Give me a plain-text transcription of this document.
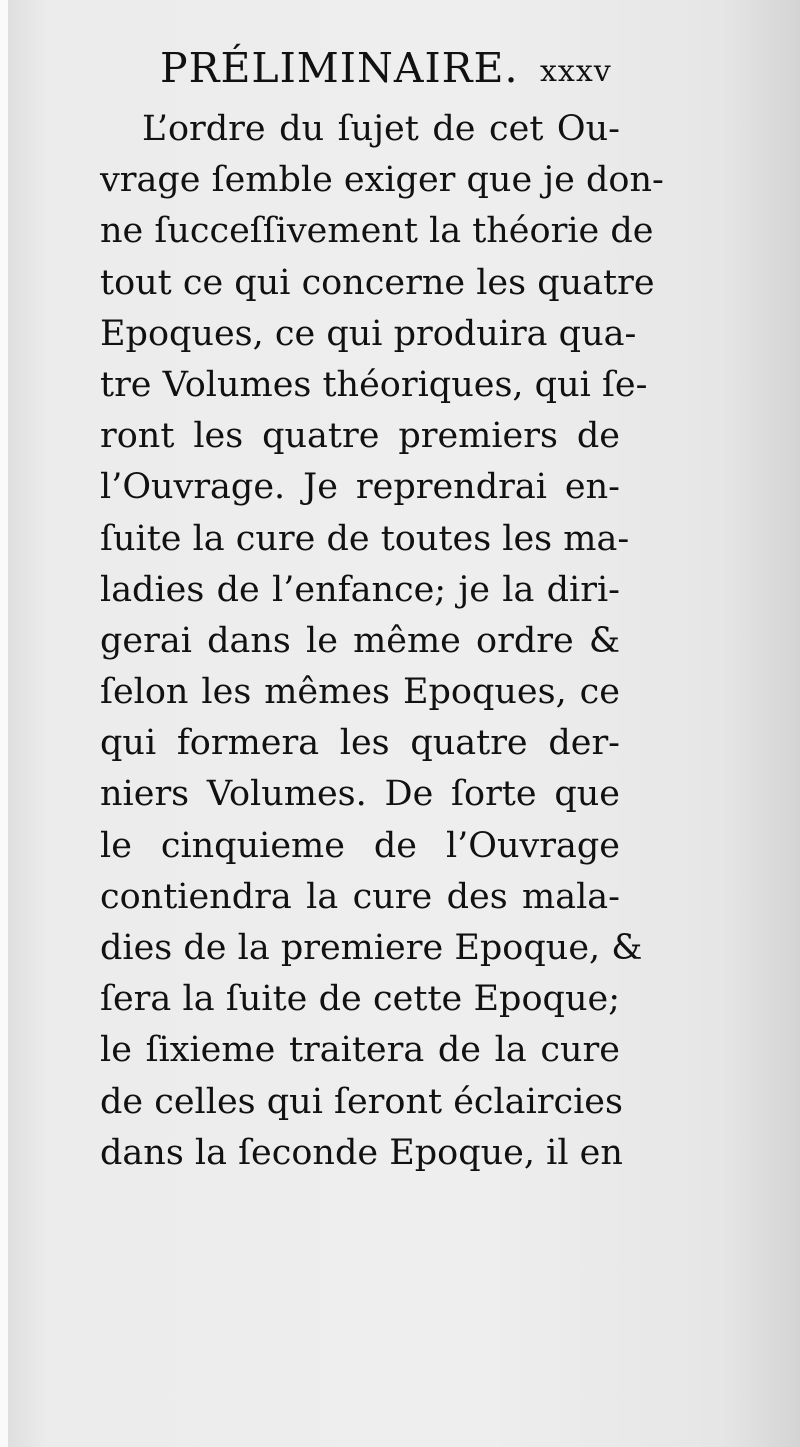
PRÉLIMINAIRE. xxxv
L’ordre du ſujet de cet Ou-
vrage ſemble exiger que je don-
ne ſucceſſivement la théorie de
tout ce qui concerne les quatre
Epoques, ce qui produira qua-
tre Volumes théoriques, qui ſe-
ront les quatre premiers de
l’Ouvrage. Je reprendrai en-
ſuite la cure de toutes les ma-
ladies de l’enfance; je la diri-
gerai dans le même ordre &
ſelon les mêmes Epoques, ce
qui formera les quatre der-
niers Volumes. De ſorte que
le cinquieme de l’Ouvrage
contiendra la cure des mala-
dies de la premiere Epoque, &
ſera la ſuite de cette Epoque;
le ſixieme traitera de la cure
de celles qui ſeront éclaircies
dans la ſeconde Epoque, il en
